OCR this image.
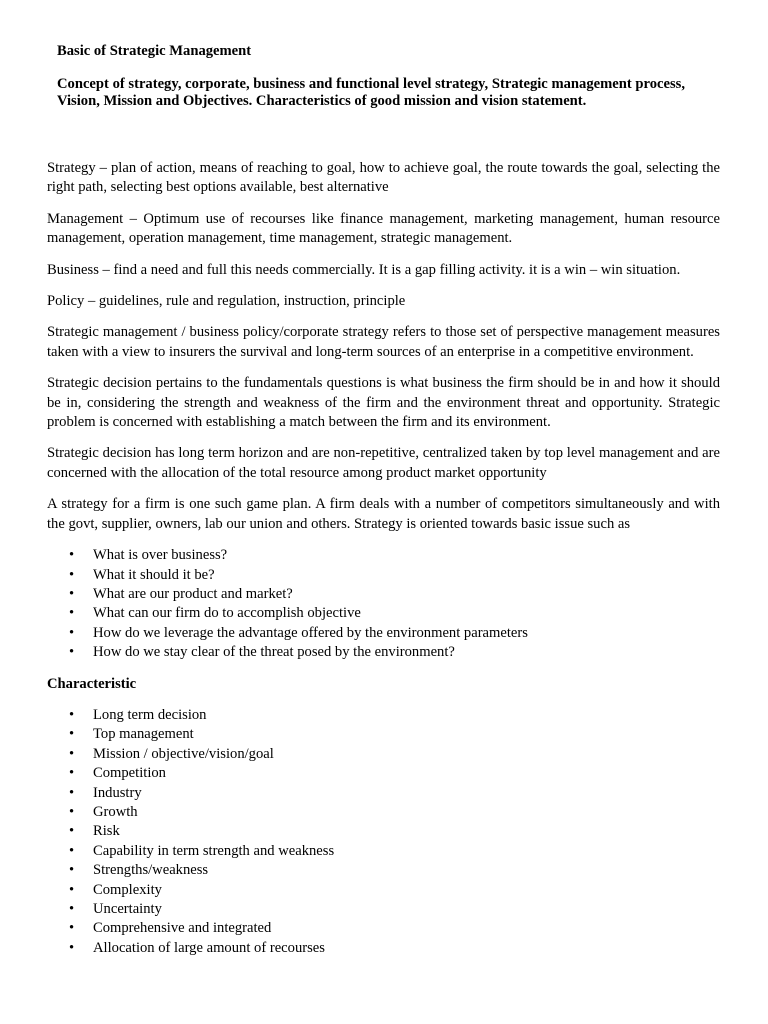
Basic of Strategic Management

Concept of strategy, corporate, business and functional level strategy, Strategic management process, Vision, Mission and Objectives. Characteristics of good mission and vision statement.

Strategy – plan of action, means of reaching to goal, how to achieve goal, the route towards the goal, selecting the right path, selecting best options available, best alternative

Management – Optimum use of recourses like finance management, marketing management, human resource management, operation management, time management, strategic management.

Business – find a need and full this needs commercially. It is a gap filling activity. it is a win – win situation.

Policy – guidelines, rule and regulation, instruction, principle

Strategic management / business policy/corporate strategy refers to those set of perspective management measures taken with a view to insurers the survival and long-term sources of an enterprise in a competitive environment.

Strategic decision pertains to the fundamentals questions is what business the firm should be in and how it should be in, considering the strength and weakness of the firm and the environment threat and opportunity. Strategic problem is concerned with establishing a match between the firm and its environment.

Strategic decision has long term horizon and are non-repetitive, centralized taken by top level management and are concerned with the allocation of the total resource among product market opportunity

A strategy for a firm is one such game plan. A firm deals with a number of competitors simultaneously and with the govt, supplier, owners, lab our union and others. Strategy is oriented towards basic issue such as

• What is over business?
• What it should it be?
• What are our product and market?
• What can our firm do to accomplish objective
• How do we leverage the advantage offered by the environment parameters
• How do we stay clear of the threat posed by the environment?

Characteristic

• Long term decision
• Top management
• Mission / objective/vision/goal
• Competition
• Industry
• Growth
• Risk
• Capability in term strength and weakness
• Strengths/weakness
• Complexity
• Uncertainty
• Comprehensive and integrated
• Allocation of large amount of recourses
